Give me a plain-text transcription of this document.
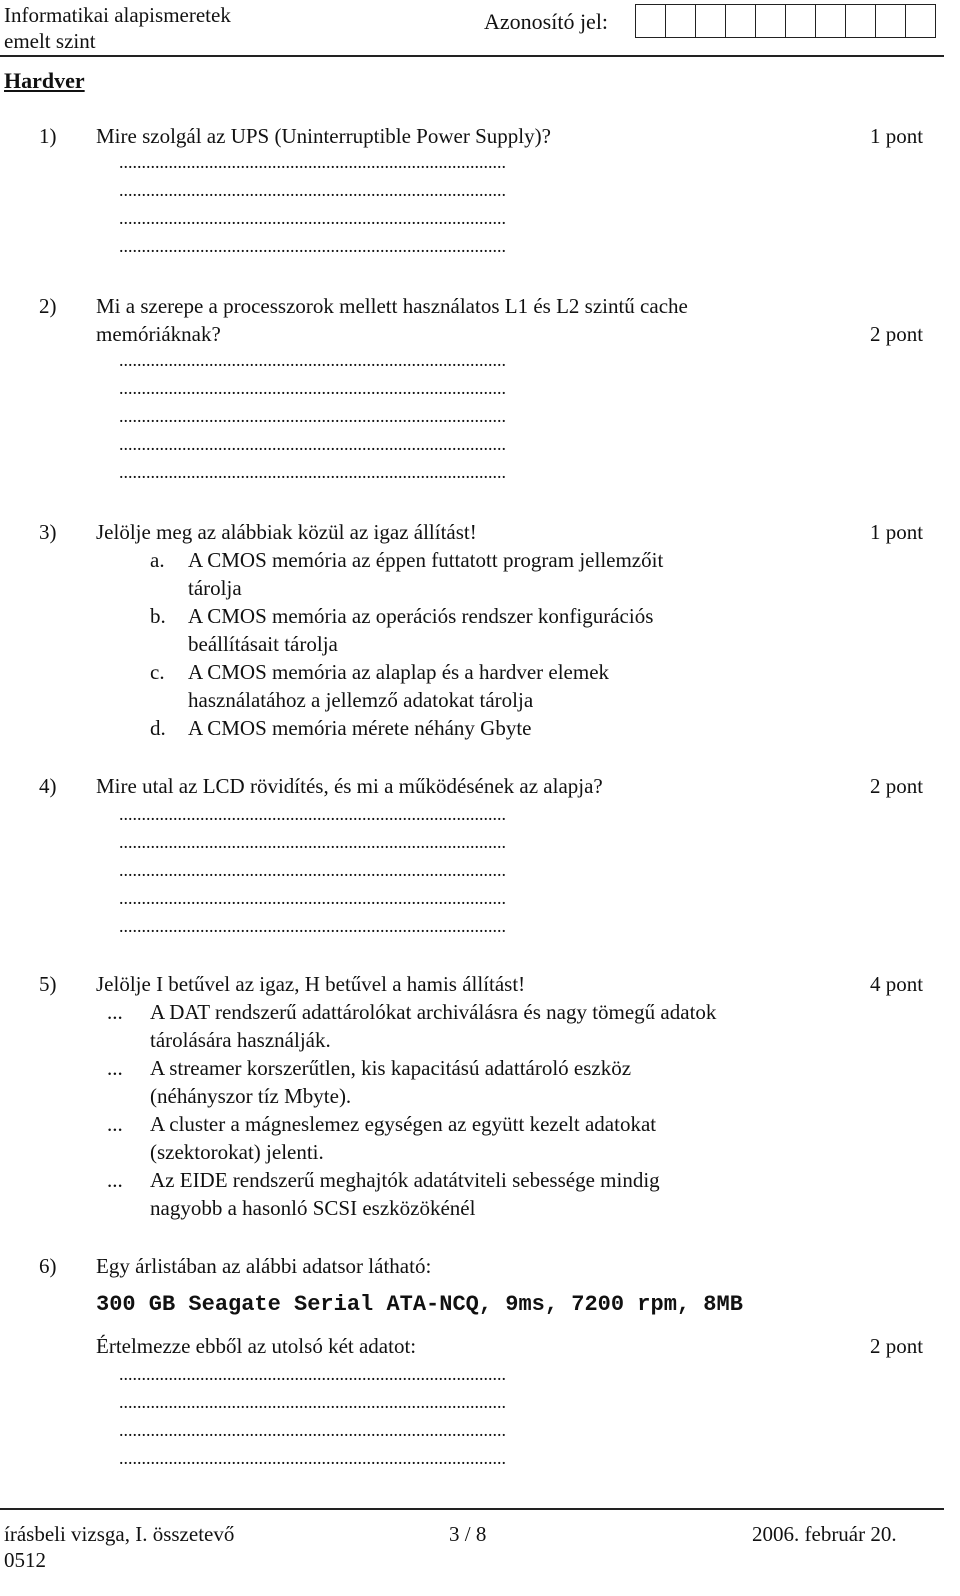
Informatikai alapismeretek
emelt szint
Azonosító jel:
Hardver
1) Mire szolgál az UPS (Uninterruptible Power Supply)?	1 pont
......................................................................................
......................................................................................
......................................................................................
......................................................................................
2) Mi a szerepe a processzorok mellett használatos L1 és L2 szintű cache
memóriáknak?	2 pont
......................................................................................
......................................................................................
......................................................................................
......................................................................................
......................................................................................
3) Jelölje meg az alábbiak közül az igaz állítást!	1 pont
a. A CMOS memória az éppen futtatott program jellemzőit
tárolja
b. A CMOS memória az operációs rendszer konfigurációs
beállításait tárolja
c. A CMOS memória az alaplap és a hardver elemek
használatához a jellemző adatokat tárolja
d. A CMOS memória mérete néhány Gbyte
4) Mire utal az LCD rövidítés, és mi a működésének az alapja?	2 pont
......................................................................................
......................................................................................
......................................................................................
......................................................................................
......................................................................................
5) Jelölje I betűvel az igaz, H betűvel a hamis állítást!	4 pont
... A DAT rendszerű adattárolókat archiválásra és nagy tömegű adatok
tárolására használják.
... A streamer korszerűtlen, kis kapacitású adattároló eszköz
(néhányszor tíz Mbyte).
... A cluster a mágneslemez egységen az együtt kezelt adatokat
(szektorokat) jelenti.
... Az EIDE rendszerű meghajtók adatátviteli sebessége mindig
nagyobb a hasonló SCSI eszközökénél
6) Egy árlistában az alábbi adatsor látható:
300 GB Seagate Serial ATA-NCQ, 9ms, 7200 rpm, 8MB
Értelmezze ebből az utolsó két adatot:	2 pont
......................................................................................
......................................................................................
......................................................................................
......................................................................................
írásbeli vizsga, I. összetevő	3 / 8	2006. február 20.
0512
